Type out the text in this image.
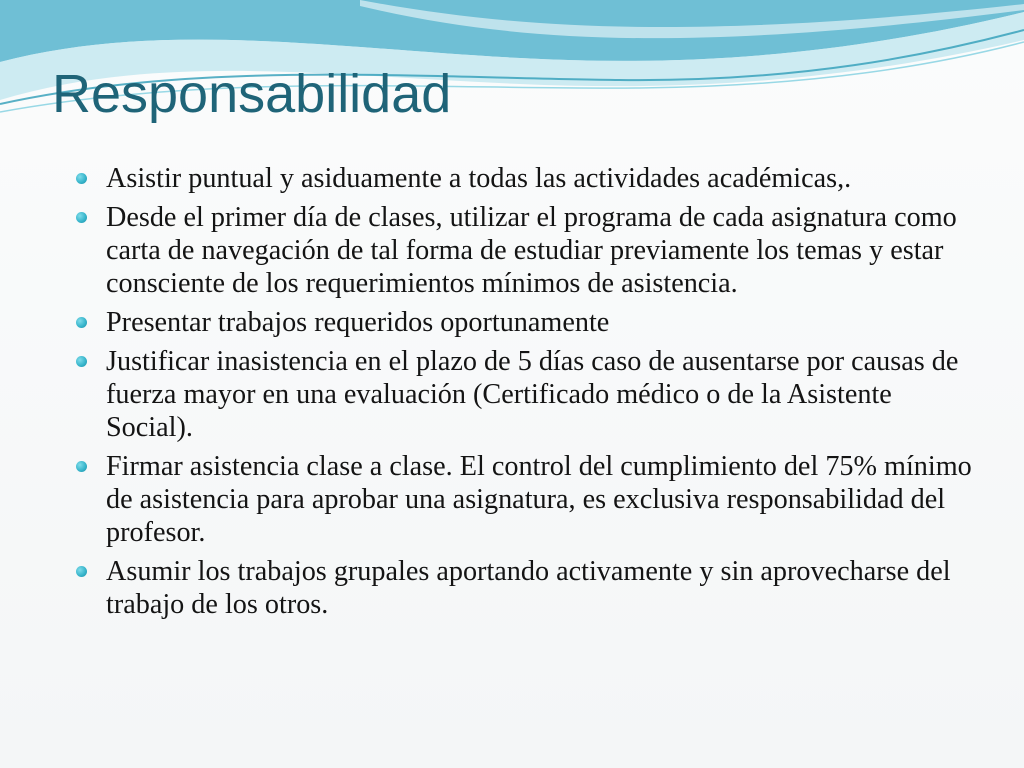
Responsabilidad
Asistir puntual y asiduamente a todas las actividades académicas,.
Desde el primer día de clases, utilizar el programa de cada asignatura como carta de navegación de tal forma de estudiar previamente los temas y estar consciente de los requerimientos mínimos de asistencia.
Presentar trabajos requeridos oportunamente
Justificar inasistencia en el plazo de 5 días caso de ausentarse por causas de fuerza mayor en una evaluación (Certificado médico o de la Asistente Social).
Firmar asistencia clase a clase. El control del cumplimiento del 75% mínimo de asistencia para aprobar una asignatura, es exclusiva responsabilidad del profesor.
Asumir los trabajos grupales aportando activamente y sin aprovecharse del trabajo de los otros.
